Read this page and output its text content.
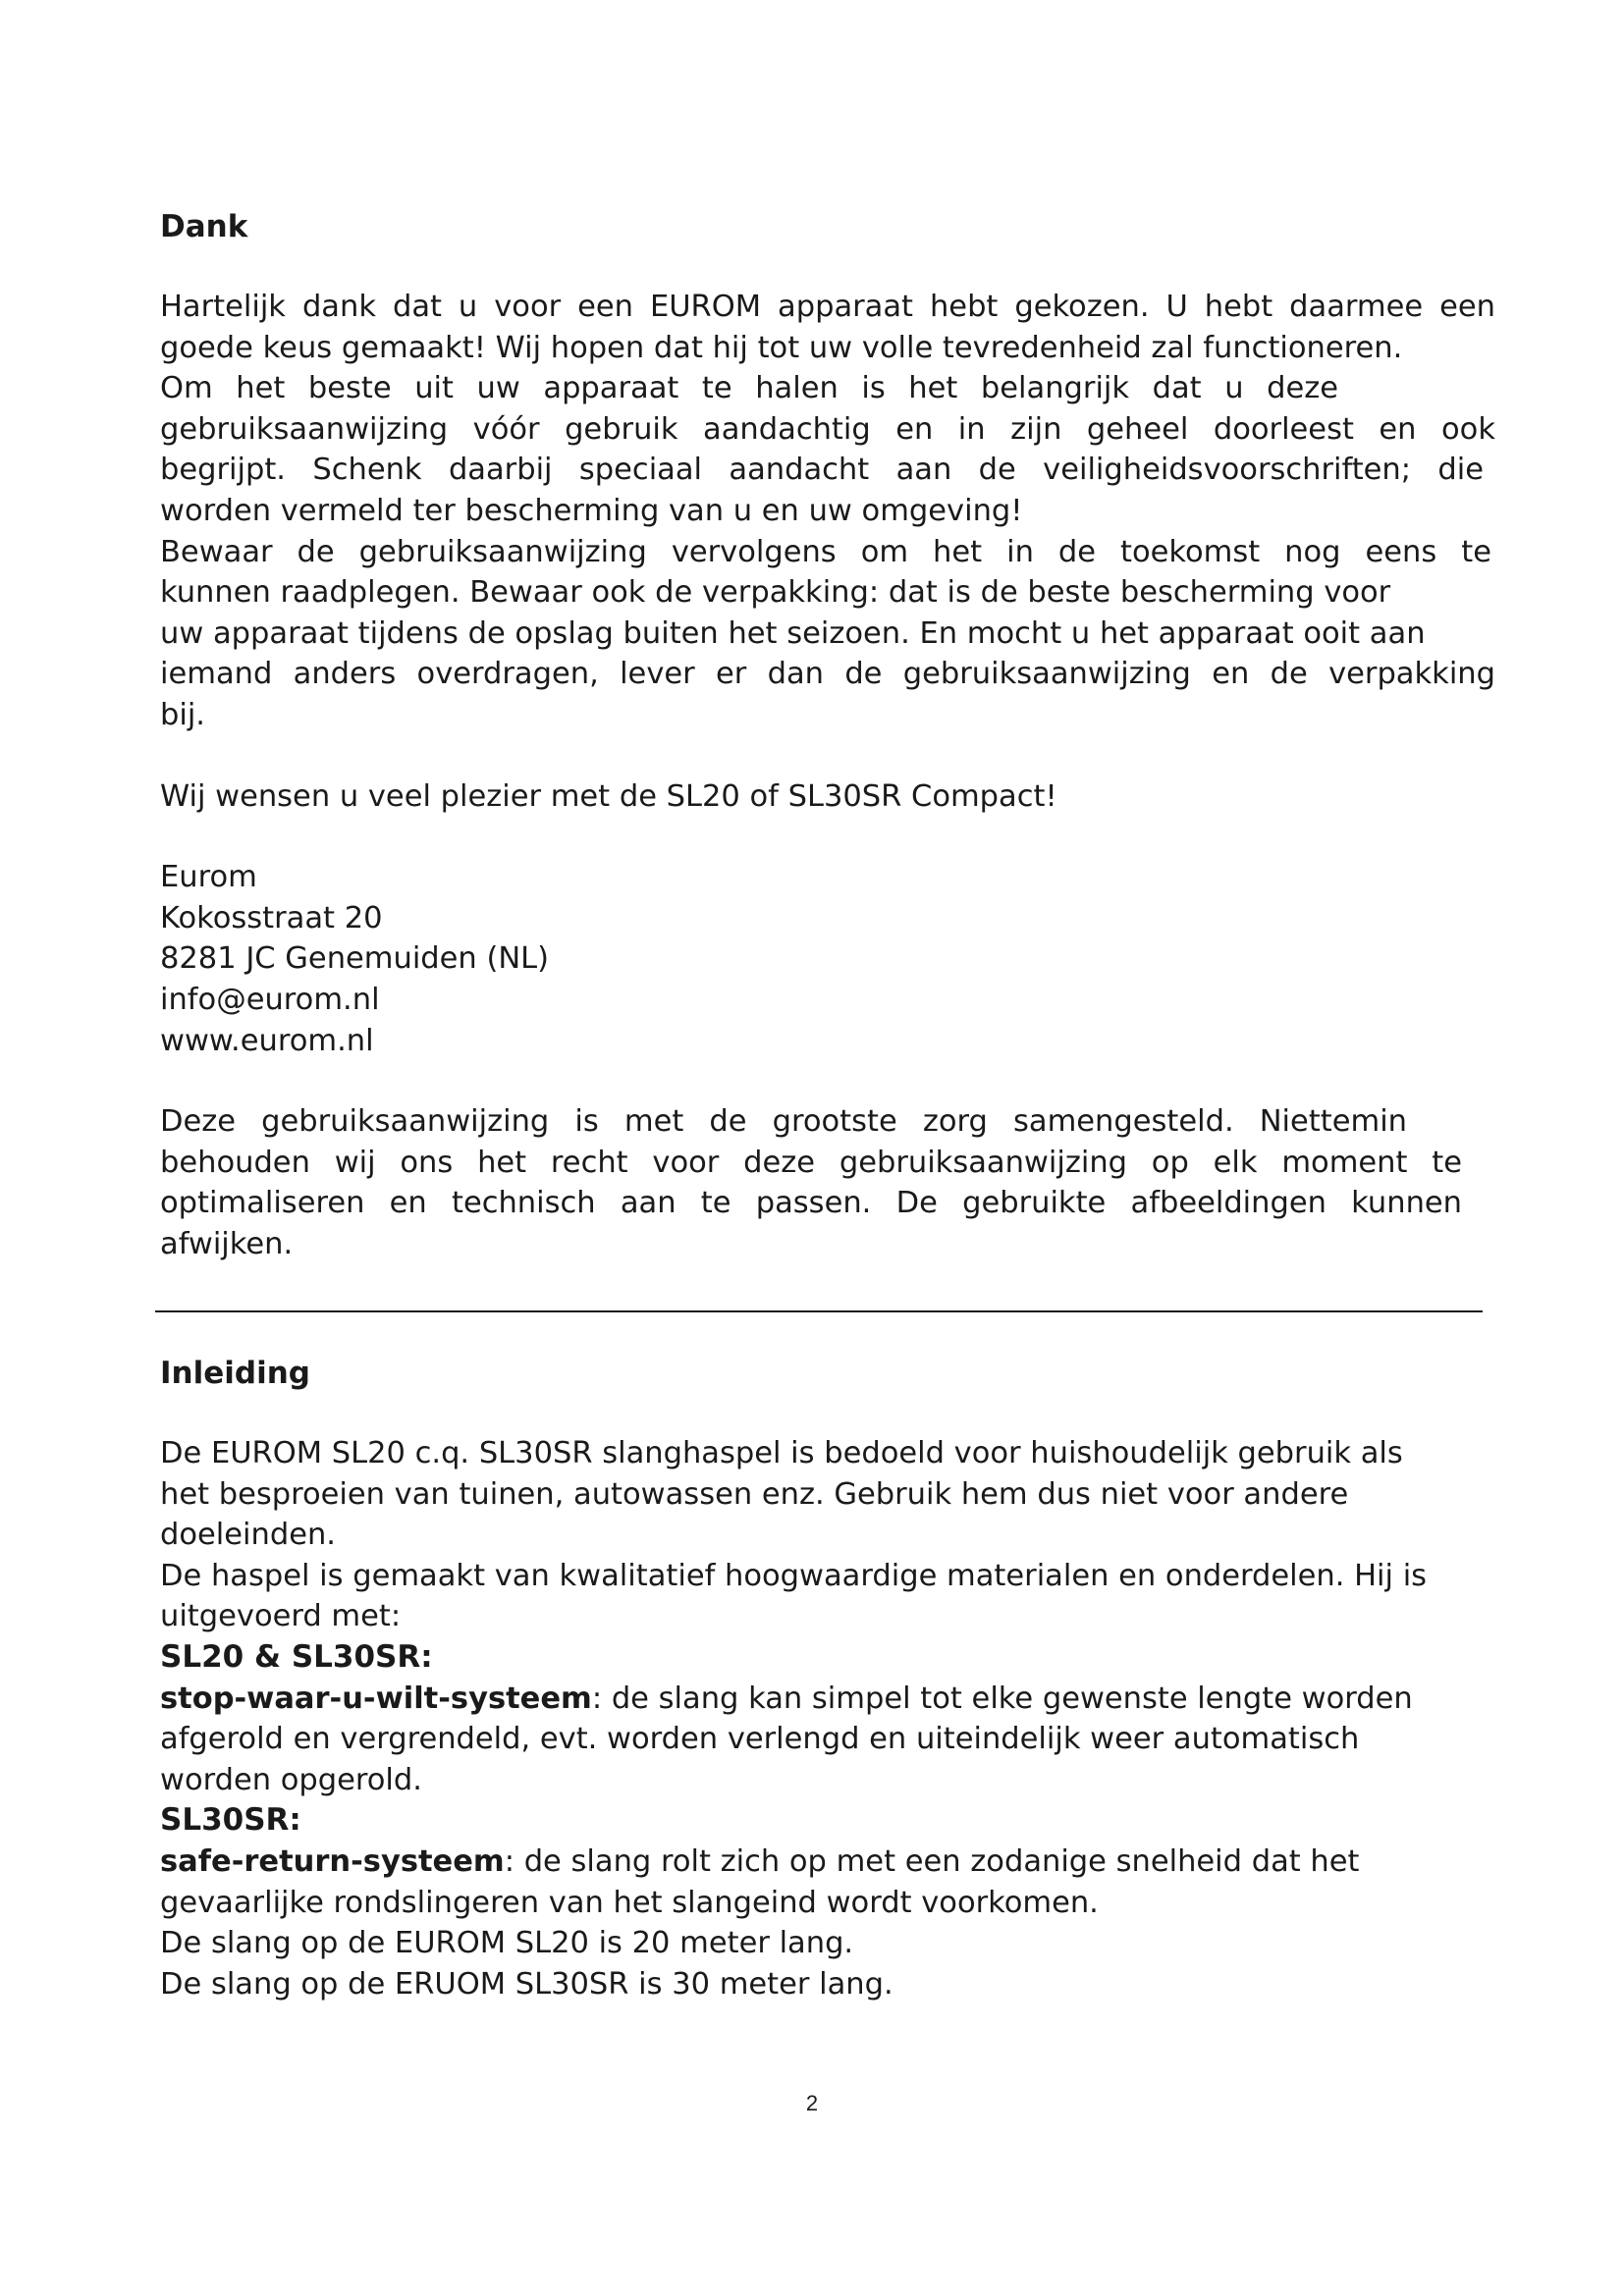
Dank

Hartelijk dank dat u voor een EUROM apparaat hebt gekozen. U hebt daarmee een

goede keus gemaakt! Wij hopen dat hij tot uw volle tevredenheid zal functioneren.

Om het beste uit uw apparaat te halen is het belangrijk dat u deze

gebruiksaanwijzing vóór gebruik aandachtig en in zijn geheel doorleest en ook

begrijpt. Schenk daarbij speciaal aandacht aan de veiligheidsvoorschriften; die

worden vermeld ter bescherming van u en uw omgeving!

Bewaar de gebruiksaanwijzing vervolgens om het in de toekomst nog eens te

kunnen raadplegen. Bewaar ook de verpakking: dat is de beste bescherming voor

uw apparaat tijdens de opslag buiten het seizoen. En mocht u het apparaat ooit aan

iemand anders overdragen, lever er dan de gebruiksaanwijzing en de verpakking

bij.

Wij wensen u veel plezier met de SL20 of SL30SR Compact!

Eurom

Kokosstraat 20

8281 JC Genemuiden (NL)

info@eurom.nl

www.eurom.nl

Deze gebruiksaanwijzing is met de grootste zorg samengesteld. Niettemin

behouden wij ons het recht voor deze gebruiksaanwijzing op elk moment te

optimaliseren en technisch aan te passen. De gebruikte afbeeldingen kunnen

afwijken.

Inleiding

De EUROM SL20 c.q. SL30SR slanghaspel is bedoeld voor huishoudelijk gebruik als

het besproeien van tuinen, autowassen enz. Gebruik hem dus niet voor andere

doeleinden.

De haspel is gemaakt van kwalitatief hoogwaardige materialen en onderdelen. Hij is

uitgevoerd met:

SL20 & SL30SR:

stop-waar-u-wilt-systeem: de slang kan simpel tot elke gewenste lengte worden

afgerold en vergrendeld, evt. worden verlengd en uiteindelijk weer automatisch

worden opgerold.

SL30SR:

safe-return-systeem: de slang rolt zich op met een zodanige snelheid dat het

gevaarlijke rondslingeren van het slangeind wordt voorkomen.

De slang op de EUROM SL20 is 20 meter lang.

De slang op de ERUOM SL30SR is 30 meter lang.

2
